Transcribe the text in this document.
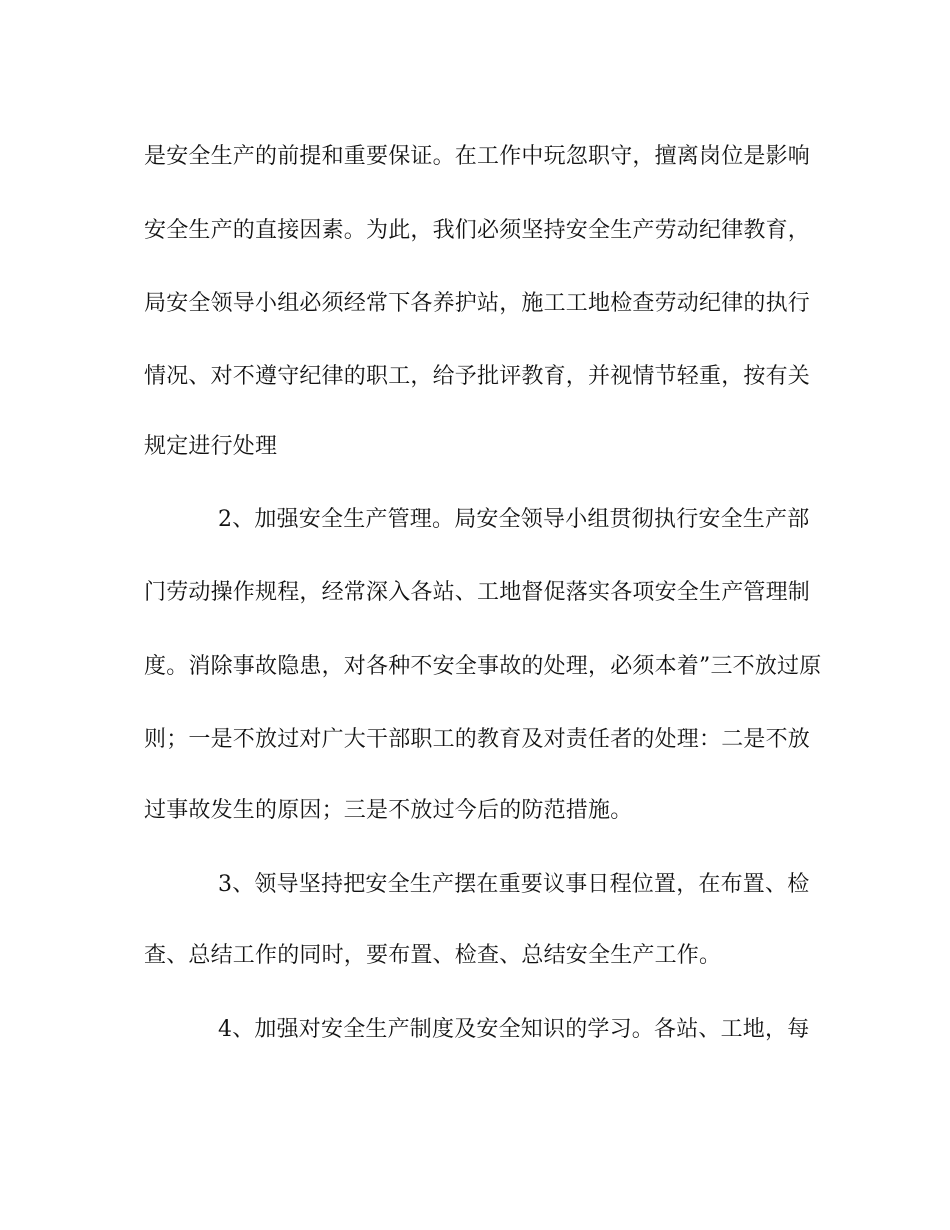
是安全生产的前提和重要保证。在工作中玩忽职守，擅离岗位是影响
安全生产的直接因素。为此，我们必须坚持安全生产劳动纪律教育，
局安全领导小组必须经常下各养护站，施工工地检查劳动纪律的执行
情况、对不遵守纪律的职工，给予批评教育，并视情节轻重，按有关
规定进行处理
2、加强安全生产管理。局安全领导小组贯彻执行安全生产部
门劳动操作规程，经常深入各站、工地督促落实各项安全生产管理制
度。消除事故隐患，对各种不安全事故的处理，必须本着”三不放过原
则；一是不放过对广大干部职工的教育及对责任者的处理：二是不放
过事故发生的原因；三是不放过今后的防范措施。
3、领导坚持把安全生产摆在重要议事日程位置，在布置、检
查、总结工作的同时，要布置、检查、总结安全生产工作。
4、加强对安全生产制度及安全知识的学习。各站、工地，每
